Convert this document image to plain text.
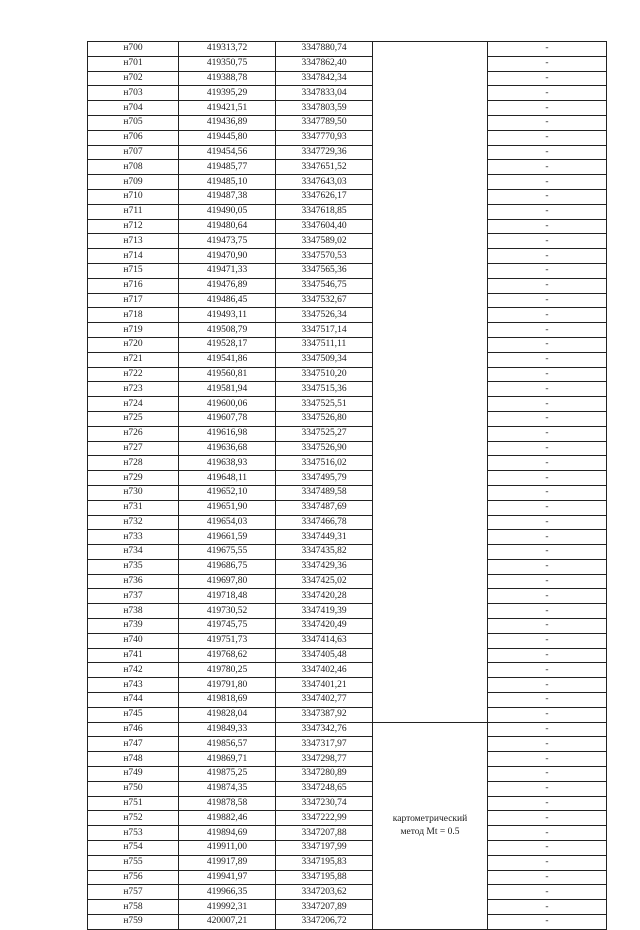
н700	419313,72	3347880,74		-
н701	419350,75	3347862,40		-
н702	419388,78	3347842,34		-
н703	419395,29	3347833,04		-
н704	419421,51	3347803,59		-
н705	419436,89	3347789,50		-
н706	419445,80	3347770,93		-
н707	419454,56	3347729,36		-
н708	419485,77	3347651,52		-
н709	419485,10	3347643,03		-
н710	419487,38	3347626,17		-
н711	419490,05	3347618,85		-
н712	419480,64	3347604,40		-
н713	419473,75	3347589,02		-
н714	419470,90	3347570,53		-
н715	419471,33	3347565,36		-
н716	419476,89	3347546,75		-
н717	419486,45	3347532,67		-
н718	419493,11	3347526,34		-
н719	419508,79	3347517,14		-
н720	419528,17	3347511,11		-
н721	419541,86	3347509,34		-
н722	419560,81	3347510,20		-
н723	419581,94	3347515,36		-
н724	419600,06	3347525,51		-
н725	419607,78	3347526,80		-
н726	419616,98	3347525,27		-
н727	419636,68	3347526,90		-
н728	419638,93	3347516,02		-
н729	419648,11	3347495,79		-
н730	419652,10	3347489,58		-
н731	419651,90	3347487,69		-
н732	419654,03	3347466,78		-
н733	419661,59	3347449,31		-
н734	419675,55	3347435,82		-
н735	419686,75	3347429,36		-
н736	419697,80	3347425,02		-
н737	419718,48	3347420,28		-
н738	419730,52	3347419,39		-
н739	419745,75	3347420,49		-
н740	419751,73	3347414,63		-
н741	419768,62	3347405,48		-
н742	419780,25	3347402,46		-
н743	419791,80	3347401,21		-
н744	419818,69	3347402,77		-
н745	419828,04	3347387,92		-
н746	419849,33	3347342,76	картометрический
метод Mt = 0.5	-
н747	419856,57	3347317,97		-
н748	419869,71	3347298,77		-
н749	419875,25	3347280,89		-
н750	419874,35	3347248,65		-
н751	419878,58	3347230,74		-
н752	419882,46	3347222,99		-
н753	419894,69	3347207,88		-
н754	419911,00	3347197,99		-
н755	419917,89	3347195,83		-
н756	419941,97	3347195,88		-
н757	419966,35	3347203,62		-
н758	419992,31	3347207,89		-
н759	420007,21	3347206,72		-
